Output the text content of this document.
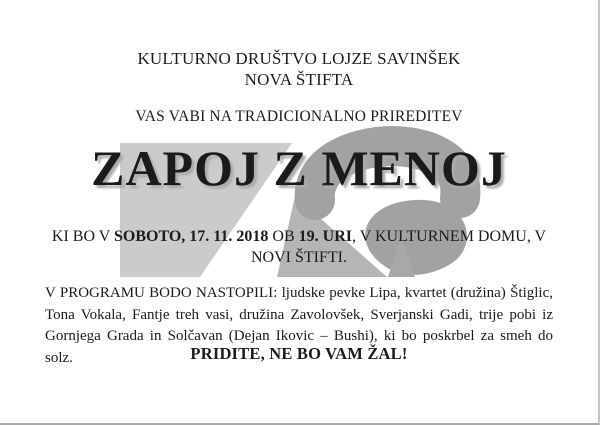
KULTURNO DRUŠTVO LOJZE SAVINŠEK
NOVA ŠTIFTA
VAS VABI NA TRADICIONALNO PRIREDITEV
ZAPOJ Z MENOJ
KI BO V SOBOTO, 17. 11. 2018 OB 19. URI, V KULTURNEM DOMU, V NOVI ŠTIFTI.
V PROGRAMU BODO NASTOPILI: ljudske pevke Lipa, kvartet (družina) Štiglic, Tona Vokala, Fantje treh vasi, družina Zavolovšek, Sverjanski Gadi, trije pobi iz Gornjega Grada in Solčavan (Dejan Ikovic – Bushi), ki bo poskrbel za smeh do solz.	PRIDITE, NE BO VAM ŽAL!
